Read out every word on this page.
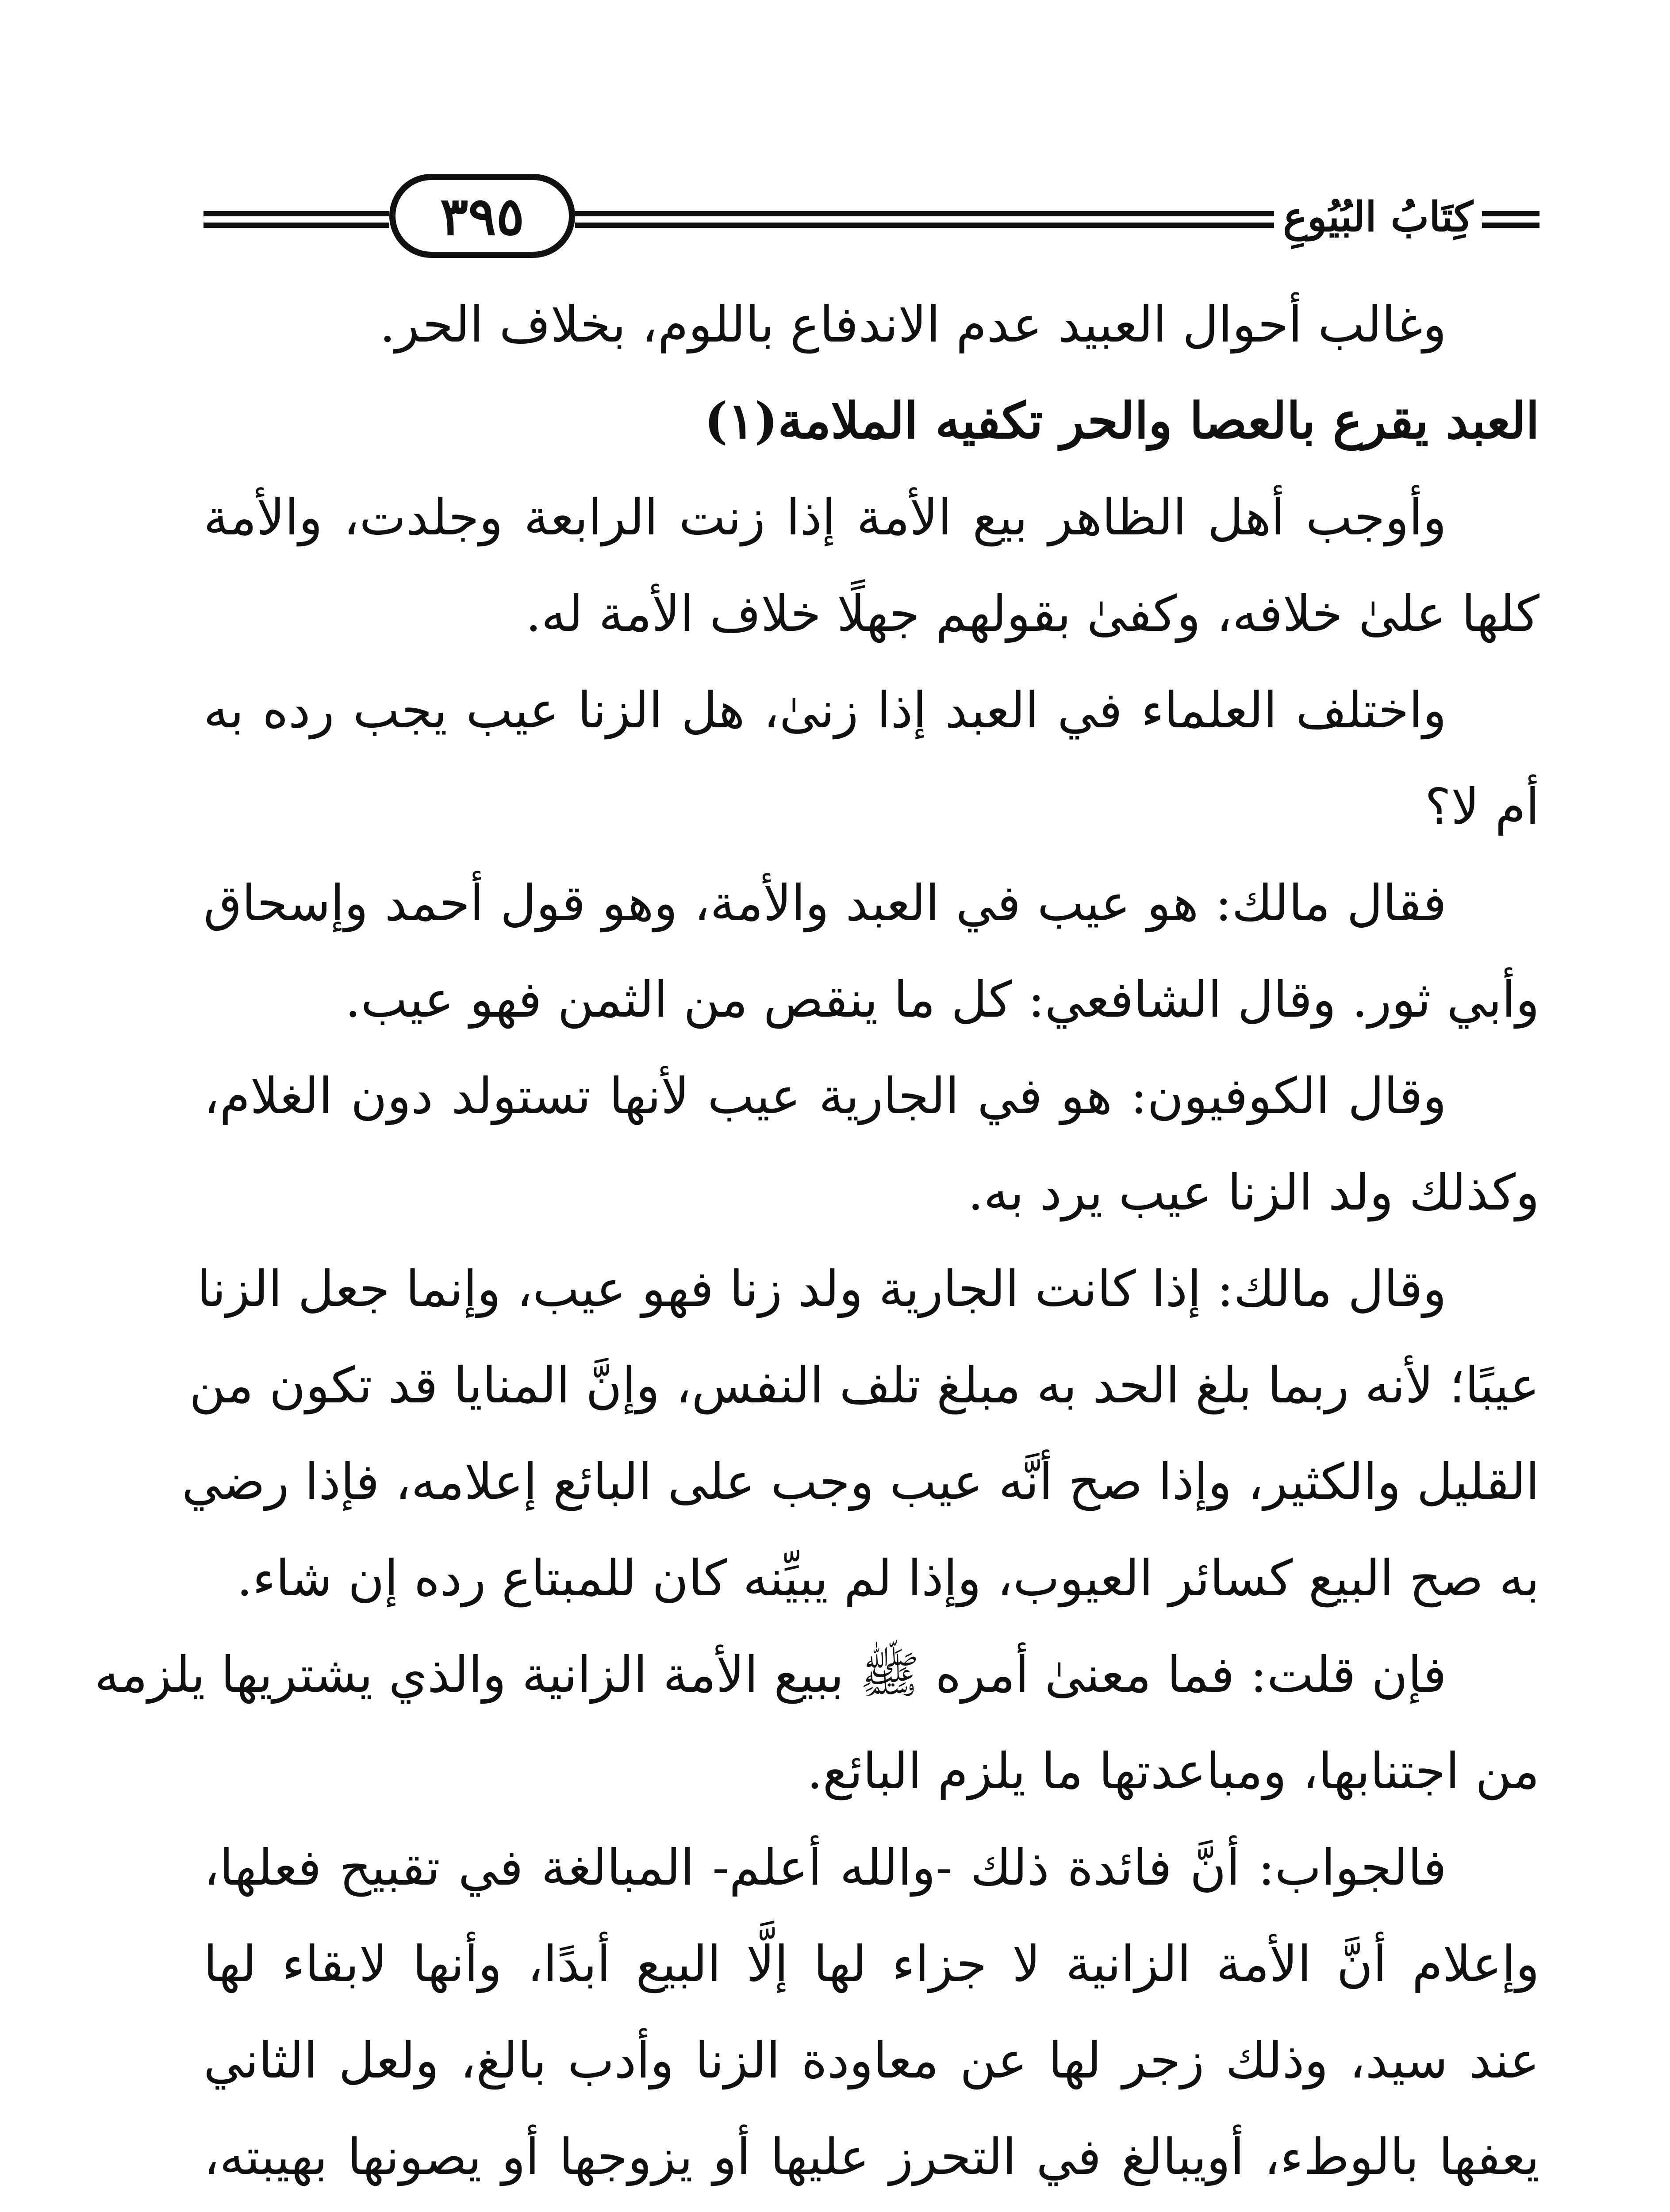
٣٩٥	كِتَابُ البُيُوعِ
وغالب أحوال العبيد عدم الاندفاع باللوم، بخلاف الحر.
العبد يقرع بالعصا والحر تكفيه الملامة(١)
وأوجب أهل الظاهر بيع الأمة إذا زنت الرابعة وجلدت، والأمة
كلها علىٰ خلافه، وكفىٰ بقولهم جهلًا خلاف الأمة له.
واختلف العلماء في العبد إذا زنىٰ، هل الزنا عيب يجب رده به
أم لا؟
فقال مالك: هو عيب في العبد والأمة، وهو قول أحمد وإسحاق
وأبي ثور. وقال الشافعي: كل ما ينقص من الثمن فهو عيب.
وقال الكوفيون: هو في الجارية عيب لأنها تستولد دون الغلام،
وكذلك ولد الزنا عيب يرد به.
وقال مالك: إذا كانت الجارية ولد زنا فهو عيب، وإنما جعل الزنا
عيبًا؛ لأنه ربما بلغ الحد به مبلغ تلف النفس، وإنَّ المنايا قد تكون من
القليل والكثير، وإذا صح أنَّه عيب وجب على البائع إعلامه، فإذا رضي
به صح البيع كسائر العيوب، وإذا لم يبيِّنه كان للمبتاع رده إن شاء.
فإن قلت: فما معنىٰ أمره ﷺ ببيع الأمة الزانية والذي يشتريها يلزمه
من اجتنابها، ومباعدتها ما يلزم البائع.
فالجواب: أنَّ فائدة ذلك -والله أعلم- المبالغة في تقبيح فعلها،
وإعلام أنَّ الأمة الزانية لا جزاء لها إلَّا البيع أبدًا، وأنها لابقاء لها
عند سيد، وذلك زجر لها عن معاودة الزنا وأدب بالغ، ولعل الثاني
يعفها بالوطء، أويبالغ في التحرز عليها أو يزوجها أو يصونها بهيبته،
